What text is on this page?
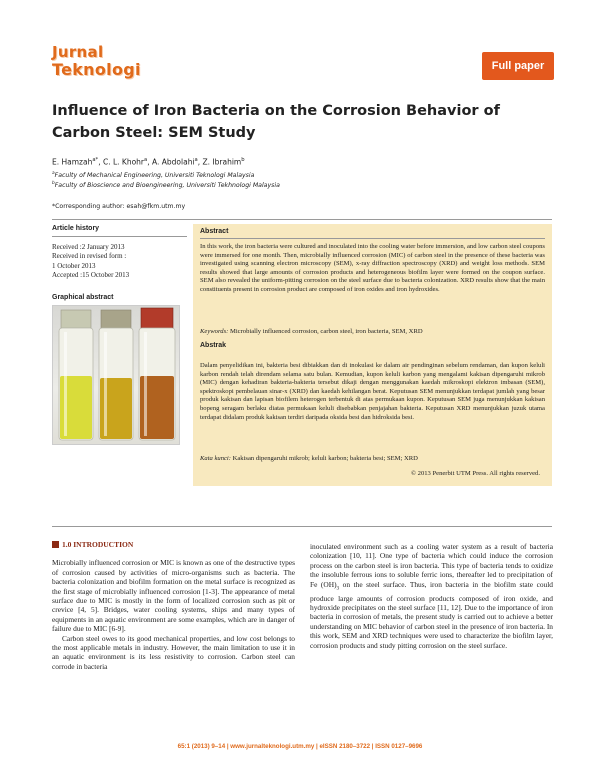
Jurnal
Teknologi	Full paper
Influence of Iron Bacteria on the Corrosion Behavior of Carbon Steel: SEM Study
E. Hamzah$^{a*}$, C. L. Khohr$^a$, A. Abdolahi$^a$, Z. Ibrahim$^b$
$^a$Faculty of Mechanical Engineering, Universiti Teknologi Malaysia
$^b$Faculty of Bioscience and Bioengineering, Universiti Tekhnologi Malaysia
*Corresponding author: esah@fkm.utm.my
Article history

Received :2 January 2013

Received in revised form :

1 October 2013

Accepted :15 October 2013

Graphical abstract
Abstract
In this work, the iron bacteria were cultured and inoculated into the cooling water before immersion, and low carbon steel coupons were immersed for one month. Then, microbially influenced corrosion (MIC) of carbon steel in the presence of these bacteria was investigated using scanning electron microscopy (SEM), x-ray diffraction spectroscopy (XRD) and weight loss methods. SEM results showed that large amounts of corrosion products and heterogeneous biofilm layer were formed on the coupon surface. SEM also revealed the uniform-pitting corrosion on the steel surface due to bacteria colonization. XRD results show that the main constituents present in corrosion product are composed of iron oxides and iron hydroxides.
Keywords: Microbially influenced corrosion, carbon steel, iron bacteria, SEM, XRD
Abstrak
Dalam penyelidikan ini, bakteria besi dibiakkan dan di inokulasi ke dalam air pendinginan sebelum rendaman, dan kupon keluli karbon rendah telah direndam selama satu bulan. Kemudian, kupon keluli karbon yang mengalami kakisan dipengaruhi mikrob (MIC) dengan kehadiran bakteria-bakteria tersebut dikaji dengan menggunakan kaedah mikroskopi elektron imbasan (SEM), spektroskopi pembelauan sinar-x (XRD) dan kaedah kehilangan berat. Keputusan SEM menunjukkan terdapat jumlah yang besar produk kakisan dan lapisan biofilem heterogen terbentuk di atas permukaan kupon. Keputusan SEM juga menunjukkan kakisan bopeng seragam berlaku diatas permukaan keluli disebabkan penjajahan bakteria. Keputusan XRD menunjukkan juzuk utama terdapat didalam produk kakisan terdiri daripada oksida besi dan hidroksida besi.
Kata kunci: Kakisan dipengaruhi mikrob; keluli karbon; bakteria besi; SEM; XRD
© 2013 Penerbit UTM Press. All rights reserved.
1.0 INTRODUCTION

Microbially influenced corrosion or MIC is known as one of the destructive types of corrosion caused by activities of micro-organisms such as bacteria. The bacteria colonization and biofilm formation on the metal surface is recognized as the first stage of microbially influenced corrosion [1-3]. The appearance of metal surface due to MIC is mostly in the form of localized corrosion such as pit or crevice [4, 5]. Bridges, water cooling systems, ships and many types of equipments in an aquatic environment are some examples, which are in danger of failure due to MIC [6-9].

Carbon steel owes to its good mechanical properties, and low cost belongs to the most applicable metals in industry. However, the main limitation to use it in an aquatic environment is its less resistivity to corrosion. Carbon steel can corrode in bacteria

inoculated environment such as a cooling water system as a result of bacteria colonization [10, 11]. One type of bacteria which could induce the corrosion process on the carbon steel is iron bacteria. This type of bacteria tends to oxidize the insoluble ferrous ions to soluble ferric ions, thereafter led to precipitation of Fe $(OH)_3$ on the steel surface. Thus, iron bacteria in the biofilm state could produce large amounts of corrosion products composed of iron oxide, and hydroxide precipitates on the steel surface [11, 12]. Due to the importance of iron bacteria in corrosion of metals, the present study is carried out to achieve a better understanding on MIC behavior of carbon steel in the presence of iron bacteria. In this work, SEM and XRD techniques were used to characterize the biofilm layer, corrosion products and study pitting corrosion on the steel surface.

65:1 (2013) 9–14 | www.jurnalteknologi.utm.my | eISSN 2180–3722 | ISSN 0127–9696
